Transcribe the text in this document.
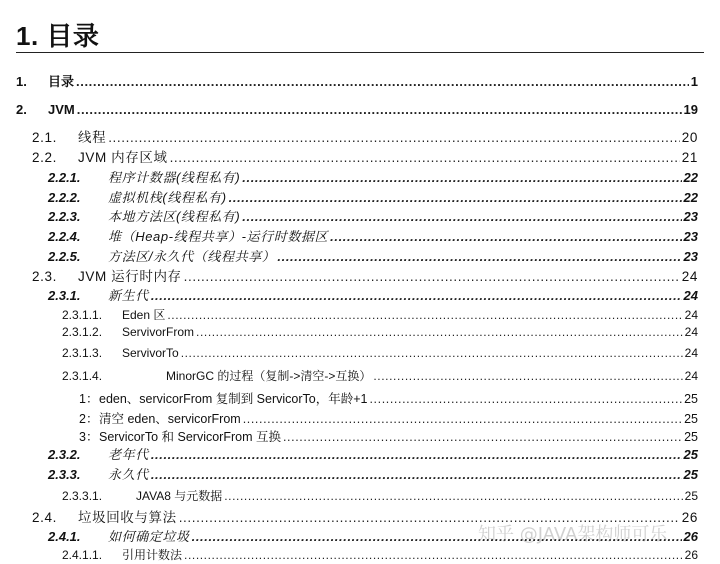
1. 目录
1.	目录 .....	1
2.	JVM .....	19
2.1.	线程 .....	20
2.2.	JVM 内存区域 .....	21
2.2.1.	程序计数器(线程私有) .....	22
2.2.2.	虚拟机栈(线程私有) .....	22
2.2.3.	本地方法区(线程私有) .....	23
2.2.4.	堆（Heap-线程共享）-运行时数据区 .....	23
2.2.5.	方法区/永久代（线程共享） .....	23
2.3.	JVM 运行时内存 .....	24
2.3.1.	新生代 .....	24
2.3.1.1.	Eden 区 .....	24
2.3.1.2.	ServivorFrom .....	24
2.3.1.3.	ServivorTo .....	24
2.3.1.4.	MinorGC 的过程（复制->清空->互换） .....	24
1： eden、servicorFrom 复制到 ServicorTo，年龄+1 .....	25
2： 清空 eden、servicorFrom .....	25
3： ServicorTo 和 ServicorFrom 互换 .....	25
2.3.2.	老年代 .....	25
2.3.3.	永久代 .....	25
2.3.3.1.	JAVA8 与元数据 .....	25
2.4.	垃圾回收与算法 .....	26
2.4.1.	如何确定垃圾 .....	26
2.4.1.1.	引用计数法 .....	26
知乎 @JAVA架构师可乐
